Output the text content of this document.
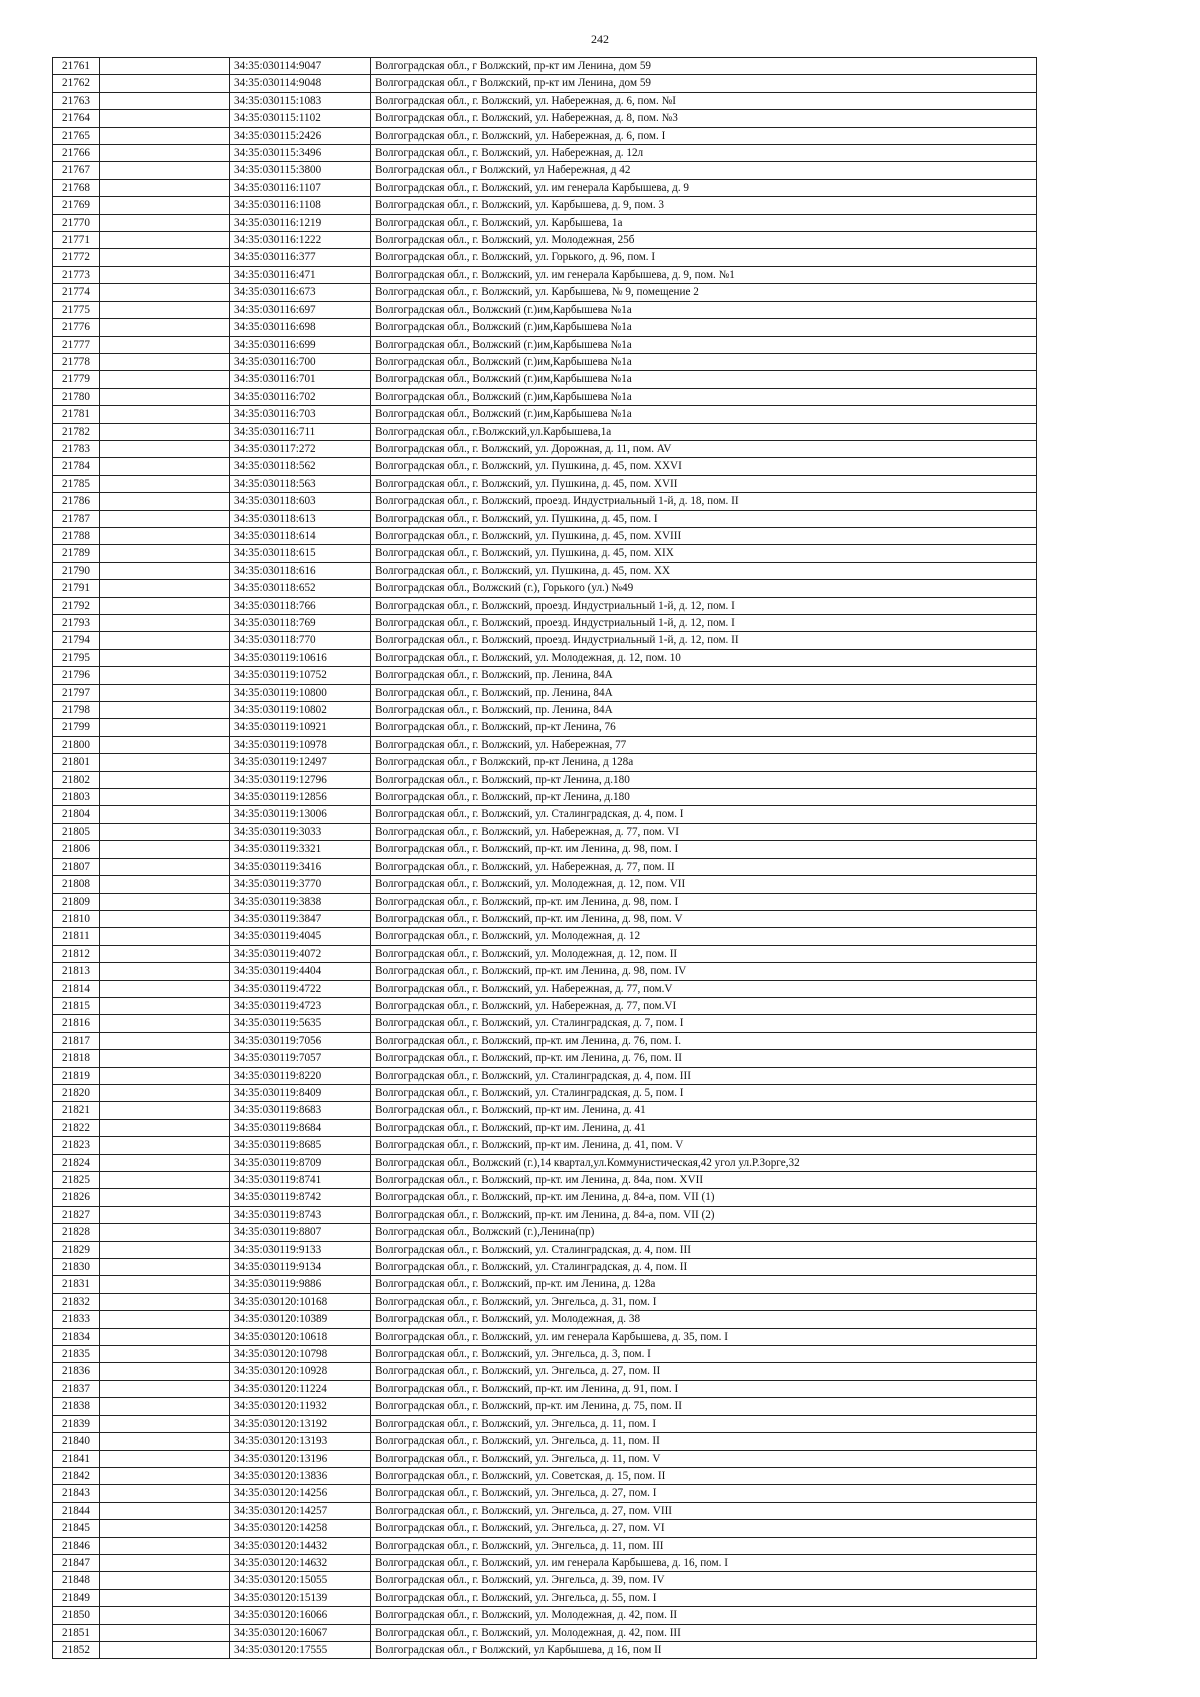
242
21761		34:35:030114:9047	Волгоградская обл., г Волжский, пр-кт им Ленина, дом 59
21762		34:35:030114:9048	Волгоградская обл., г Волжский, пр-кт им Ленина, дом 59
21763		34:35:030115:1083	Волгоградская обл., г. Волжский, ул. Набережная, д. 6, пом. №I
21764		34:35:030115:1102	Волгоградская обл., г. Волжский, ул. Набережная, д. 8, пом. №3
21765		34:35:030115:2426	Волгоградская обл., г. Волжский, ул. Набережная, д. 6, пом. I
21766		34:35:030115:3496	Волгоградская обл., г. Волжский, ул. Набережная, д. 12л
21767		34:35:030115:3800	Волгоградская обл., г Волжский, ул Набережная, д 42
21768		34:35:030116:1107	Волгоградская обл., г. Волжский, ул. им генерала Карбышева, д. 9
21769		34:35:030116:1108	Волгоградская обл., г. Волжский, ул. Карбышева, д. 9, пом. 3
21770		34:35:030116:1219	Волгоградская обл., г. Волжский, ул. Карбышева, 1а
21771		34:35:030116:1222	Волгоградская обл., г. Волжский, ул. Молодежная, 25б
21772		34:35:030116:377	Волгоградская обл., г. Волжский, ул. Горького, д. 96, пом. I
21773		34:35:030116:471	Волгоградская обл., г. Волжский, ул. им генерала Карбышева, д. 9, пом. №1
21774		34:35:030116:673	Волгоградская обл., г. Волжский, ул. Карбышева, № 9, помещение 2
21775		34:35:030116:697	Волгоградская обл., Волжский (г.)им,Карбышева №1а
21776		34:35:030116:698	Волгоградская обл., Волжский (г.)им,Карбышева №1а
21777		34:35:030116:699	Волгоградская обл., Волжский (г.)им,Карбышева №1а
21778		34:35:030116:700	Волгоградская обл., Волжский (г.)им,Карбышева №1а
21779		34:35:030116:701	Волгоградская обл., Волжский (г.)им,Карбышева №1а
21780		34:35:030116:702	Волгоградская обл., Волжский (г.)им,Карбышева №1а
21781		34:35:030116:703	Волгоградская обл., Волжский (г.)им,Карбышева №1а
21782		34:35:030116:711	Волгоградская обл., г.Волжский,ул.Карбышева,1а
21783		34:35:030117:272	Волгоградская обл., г. Волжский, ул. Дорожная, д. 11, пом. AV
21784		34:35:030118:562	Волгоградская обл., г. Волжский, ул. Пушкина, д. 45, пом. XXVI
21785		34:35:030118:563	Волгоградская обл., г. Волжский, ул. Пушкина, д. 45, пом. XVII
21786		34:35:030118:603	Волгоградская обл., г. Волжский, проезд. Индустриальный 1-й, д. 18, пом. II
21787		34:35:030118:613	Волгоградская обл., г. Волжский, ул. Пушкина, д. 45, пом. I
21788		34:35:030118:614	Волгоградская обл., г. Волжский, ул. Пушкина, д. 45, пом. XVIII
21789		34:35:030118:615	Волгоградская обл., г. Волжский, ул. Пушкина, д. 45, пом. XIX
21790		34:35:030118:616	Волгоградская обл., г. Волжский, ул. Пушкина, д. 45, пом. XX
21791		34:35:030118:652	Волгоградская обл., Волжский (г.), Горького (ул.) №49
21792		34:35:030118:766	Волгоградская обл., г. Волжский, проезд. Индустриальный 1-й, д. 12, пом. I
21793		34:35:030118:769	Волгоградская обл., г. Волжский, проезд. Индустриальный 1-й, д. 12, пом. I
21794		34:35:030118:770	Волгоградская обл., г. Волжский, проезд. Индустриальный 1-й, д. 12, пом. II
21795		34:35:030119:10616	Волгоградская обл., г. Волжский, ул. Молодежная, д. 12, пом. 10
21796		34:35:030119:10752	Волгоградская обл., г. Волжский, пр. Ленина, 84А
21797		34:35:030119:10800	Волгоградская обл., г. Волжский, пр. Ленина, 84А
21798		34:35:030119:10802	Волгоградская обл., г. Волжский, пр. Ленина, 84А
21799		34:35:030119:10921	Волгоградская обл., г. Волжский, пр-кт Ленина, 76
21800		34:35:030119:10978	Волгоградская обл., г. Волжский, ул. Набережная, 77
21801		34:35:030119:12497	Волгоградская обл., г Волжский, пр-кт Ленина, д 128а
21802		34:35:030119:12796	Волгоградская обл., г. Волжский, пр-кт Ленина, д.180
21803		34:35:030119:12856	Волгоградская обл., г. Волжский, пр-кт Ленина, д.180
21804		34:35:030119:13006	Волгоградская обл., г. Волжский, ул. Сталинградская, д. 4, пом. I
21805		34:35:030119:3033	Волгоградская обл., г. Волжский, ул. Набережная, д. 77, пом. VI
21806		34:35:030119:3321	Волгоградская обл., г. Волжский, пр-кт. им Ленина, д. 98, пом. I
21807		34:35:030119:3416	Волгоградская обл., г. Волжский, ул. Набережная, д. 77, пом. II
21808		34:35:030119:3770	Волгоградская обл., г. Волжский, ул. Молодежная, д. 12, пом. VII
21809		34:35:030119:3838	Волгоградская обл., г. Волжский, пр-кт. им Ленина, д. 98, пом. I
21810		34:35:030119:3847	Волгоградская обл., г. Волжский, пр-кт. им Ленина, д. 98, пом. V
21811		34:35:030119:4045	Волгоградская обл., г. Волжский, ул. Молодежная, д. 12
21812		34:35:030119:4072	Волгоградская обл., г. Волжский, ул. Молодежная, д. 12, пом. II
21813		34:35:030119:4404	Волгоградская обл., г. Волжский, пр-кт. им Ленина, д. 98, пом. IV
21814		34:35:030119:4722	Волгоградская обл., г. Волжский, ул. Набережная, д. 77, пом.V
21815		34:35:030119:4723	Волгоградская обл., г. Волжский, ул. Набережная, д. 77, пом.VI
21816		34:35:030119:5635	Волгоградская обл., г. Волжский, ул. Сталинградская, д. 7, пом. I
21817		34:35:030119:7056	Волгоградская обл., г. Волжский, пр-кт. им Ленина, д. 76, пом. I.
21818		34:35:030119:7057	Волгоградская обл., г. Волжский, пр-кт. им Ленина, д. 76, пом. II
21819		34:35:030119:8220	Волгоградская обл., г. Волжский, ул. Сталинградская, д. 4, пом. III
21820		34:35:030119:8409	Волгоградская обл., г. Волжский, ул. Сталинградская, д. 5, пом. I
21821		34:35:030119:8683	Волгоградская обл., г. Волжский, пр-кт им. Ленина, д. 41
21822		34:35:030119:8684	Волгоградская обл., г. Волжский, пр-кт им. Ленина, д. 41
21823		34:35:030119:8685	Волгоградская обл., г. Волжский, пр-кт им. Ленина, д. 41, пом. V
21824		34:35:030119:8709	Волгоградская обл., Волжский (г.),14 квартал,ул.Коммунистическая,42 угол ул.Р.Зорге,32
21825		34:35:030119:8741	Волгоградская обл., г. Волжский, пр-кт. им Ленина, д. 84а, пом. XVII
21826		34:35:030119:8742	Волгоградская обл., г. Волжский, пр-кт. им Ленина, д. 84-а, пом. VII (1)
21827		34:35:030119:8743	Волгоградская обл., г. Волжский, пр-кт. им Ленина, д. 84-а, пом. VII (2)
21828		34:35:030119:8807	Волгоградская обл., Волжский (г.),Ленина(пр)
21829		34:35:030119:9133	Волгоградская обл., г. Волжский, ул. Сталинградская, д. 4, пом. III
21830		34:35:030119:9134	Волгоградская обл., г. Волжский, ул. Сталинградская, д. 4, пом. II
21831		34:35:030119:9886	Волгоградская обл., г. Волжский, пр-кт. им Ленина, д. 128а
21832		34:35:030120:10168	Волгоградская обл., г. Волжский, ул. Энгельса, д. 31, пом. I
21833		34:35:030120:10389	Волгоградская обл., г. Волжский, ул. Молодежная, д. 38
21834		34:35:030120:10618	Волгоградская обл., г. Волжский, ул. им генерала Карбышева, д. 35, пом. I
21835		34:35:030120:10798	Волгоградская обл., г. Волжский, ул. Энгельса, д. 3, пом. I
21836		34:35:030120:10928	Волгоградская обл., г. Волжский, ул. Энгельса, д. 27, пом. II
21837		34:35:030120:11224	Волгоградская обл., г. Волжский, пр-кт. им Ленина, д. 91, пом. I
21838		34:35:030120:11932	Волгоградская обл., г. Волжский, пр-кт. им Ленина, д. 75, пом. II
21839		34:35:030120:13192	Волгоградская обл., г. Волжский, ул. Энгельса, д. 11, пом. I
21840		34:35:030120:13193	Волгоградская обл., г. Волжский, ул. Энгельса, д. 11, пом. II
21841		34:35:030120:13196	Волгоградская обл., г. Волжский, ул. Энгельса, д. 11, пом. V
21842		34:35:030120:13836	Волгоградская обл., г. Волжский, ул. Советская, д. 15, пом. II
21843		34:35:030120:14256	Волгоградская обл., г. Волжский, ул. Энгельса, д. 27, пом. I
21844		34:35:030120:14257	Волгоградская обл., г. Волжский, ул. Энгельса, д. 27, пом. VIII
21845		34:35:030120:14258	Волгоградская обл., г. Волжский, ул. Энгельса, д. 27, пом. VI
21846		34:35:030120:14432	Волгоградская обл., г. Волжский, ул. Энгельса, д. 11, пом. III
21847		34:35:030120:14632	Волгоградская обл., г. Волжский, ул. им генерала Карбышева, д. 16, пом. I
21848		34:35:030120:15055	Волгоградская обл., г. Волжский, ул. Энгельса, д. 39, пом. IV
21849		34:35:030120:15139	Волгоградская обл., г. Волжский, ул. Энгельса, д. 55, пом. I
21850		34:35:030120:16066	Волгоградская обл., г. Волжский, ул. Молодежная, д. 42, пом. II
21851		34:35:030120:16067	Волгоградская обл., г. Волжский, ул. Молодежная, д. 42, пом. III
21852		34:35:030120:17555	Волгоградская обл., г Волжский, ул Карбышева, д 16, пом II
